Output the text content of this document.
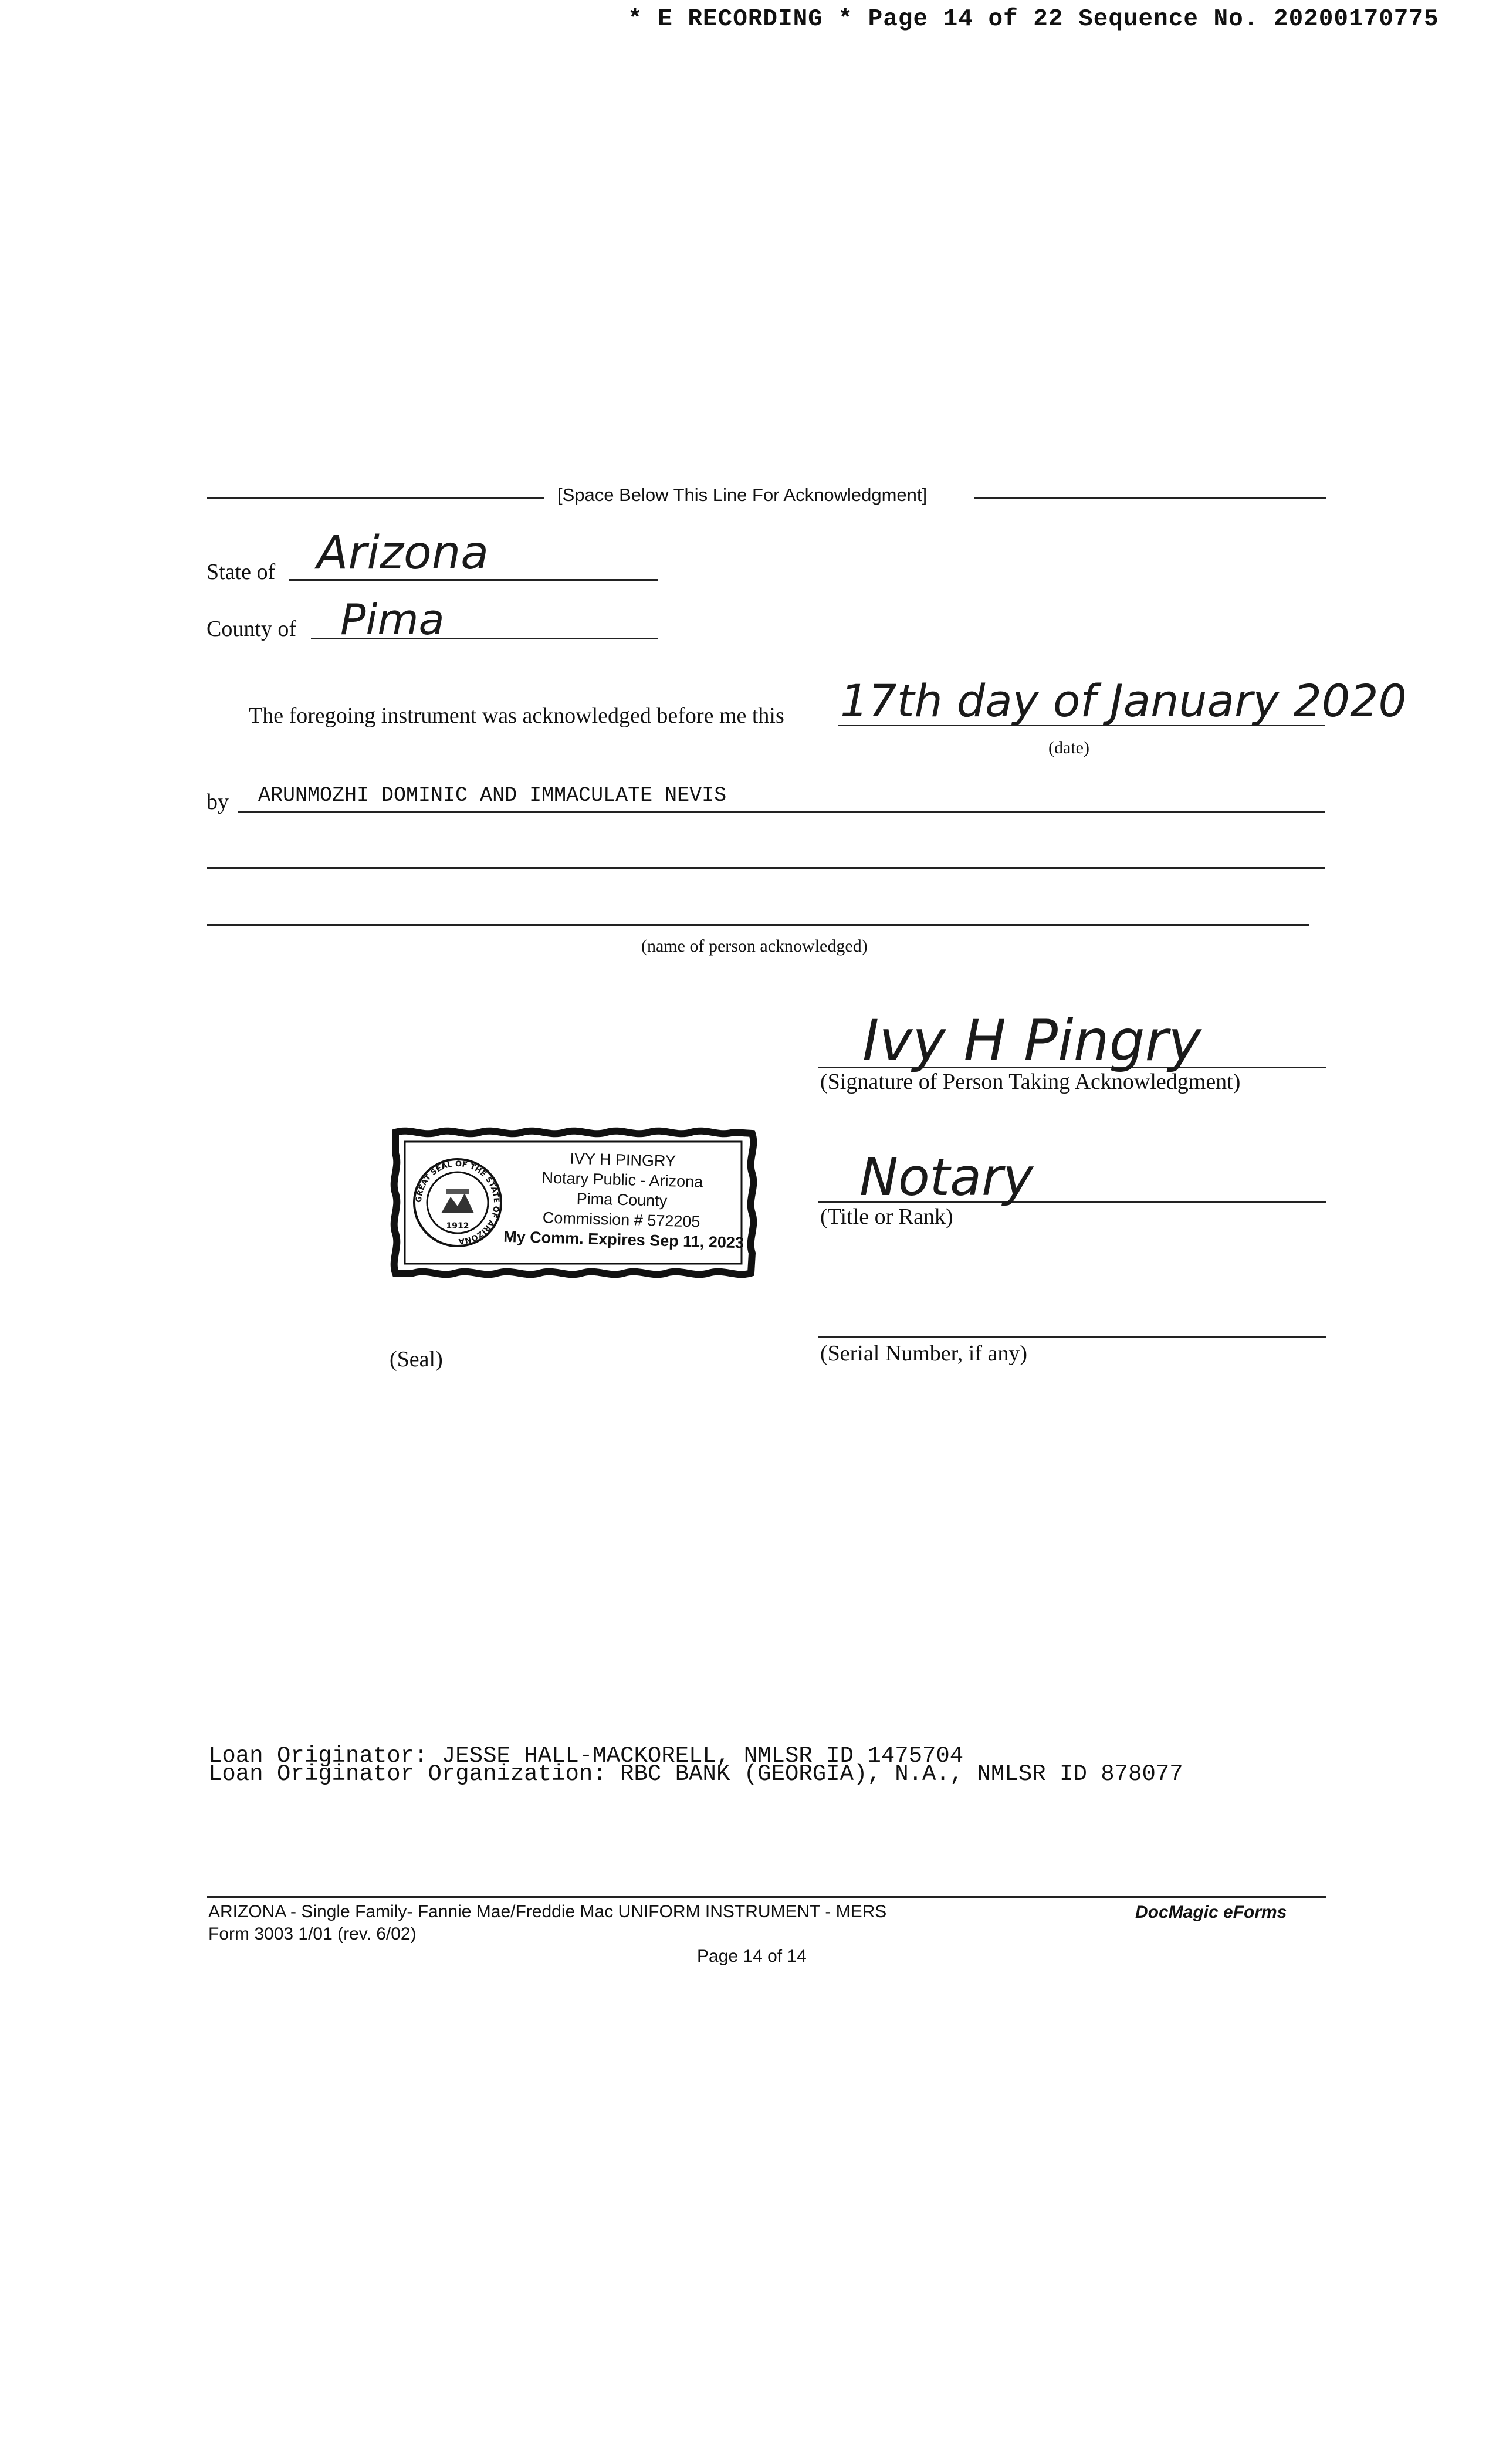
* E RECORDING * Page 14 of 22 Sequence No. 20200170775
[Space Below This Line For Acknowledgment]
State of Arizona
County of Pima
The foregoing instrument was acknowledged before me this 17th day of January 2020
(date)
by ARUNMOZHI DOMINIC AND IMMACULATE NEVIS
(name of person acknowledged)
Ivy H Pingry
(Signature of Person Taking Acknowledgment)
Notary
(Title or Rank)
(Serial Number, if any)
(Seal)
GREAT SEAL OF THE STATE OF ARIZONA
1912
IVY H PINGRY
Notary Public - Arizona
Pima County
Commission # 572205
My Comm. Expires Sep 11, 2023
Loan Originator: JESSE HALL-MACKORELL, NMLSR ID 1475704
Loan Originator Organization: RBC BANK (GEORGIA), N.A., NMLSR ID 878077
ARIZONA - Single Family- Fannie Mae/Freddie Mac UNIFORM INSTRUMENT - MERS
Form 3003 1/01 (rev. 6/02)
Page 14 of 14
DocMagic eForms
